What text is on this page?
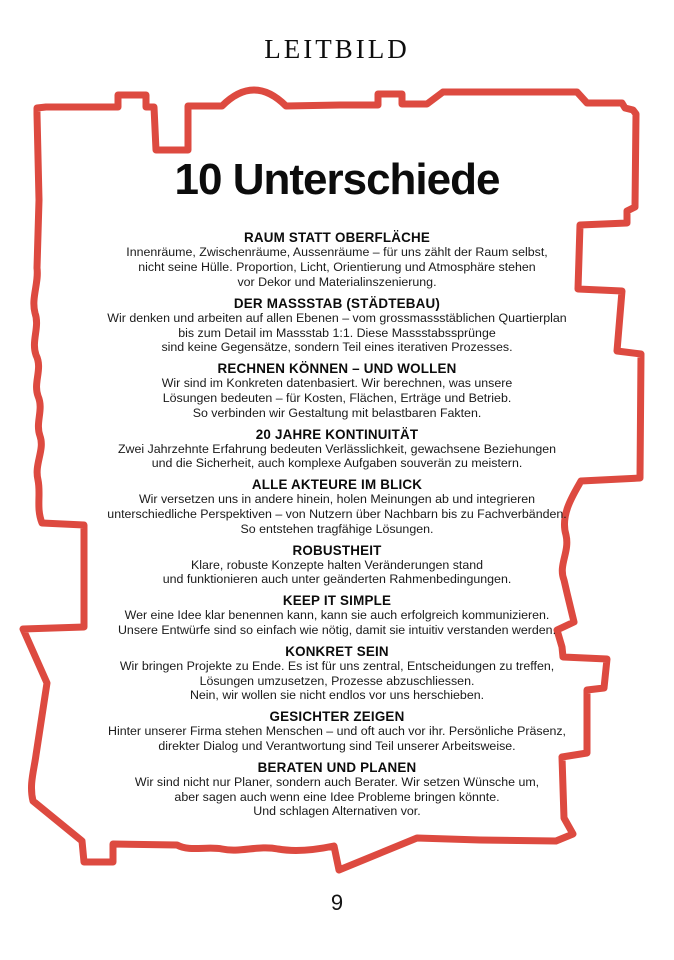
LEITBILD
10 Unterschiede
RAUM STATT OBERFLÄCHE
Innenräume, Zwischenräume, Aussenräume – für uns zählt der Raum selbst,
nicht seine Hülle. Proportion, Licht, Orientierung und Atmosphäre stehen
vor Dekor und Materialinszenierung.
DER MASSSTAB (STÄDTEBAU)
Wir denken und arbeiten auf allen Ebenen – vom grossmassstäblichen Quartierplan
bis zum Detail im Massstab 1:1. Diese Massstabssprünge
sind keine Gegensätze, sondern Teil eines iterativen Prozesses.
RECHNEN KÖNNEN – UND WOLLEN
Wir sind im Konkreten datenbasiert. Wir berechnen, was unsere
Lösungen bedeuten – für Kosten, Flächen, Erträge und Betrieb.
So verbinden wir Gestaltung mit belastbaren Fakten.
20 JAHRE KONTINUITÄT
Zwei Jahrzehnte Erfahrung bedeuten Verlässlichkeit, gewachsene Beziehungen
und die Sicherheit, auch komplexe Aufgaben souverän zu meistern.
ALLE AKTEURE IM BLICK
Wir versetzen uns in andere hinein, holen Meinungen ab und integrieren
unterschiedliche Perspektiven – von Nutzern über Nachbarn bis zu Fachverbänden.
So entstehen tragfähige Lösungen.
ROBUSTHEIT
Klare, robuste Konzepte halten Veränderungen stand
und funktionieren auch unter geänderten Rahmenbedingungen.
KEEP IT SIMPLE
Wer eine Idee klar benennen kann, kann sie auch erfolgreich kommunizieren.
Unsere Entwürfe sind so einfach wie nötig, damit sie intuitiv verstanden werden.
KONKRET SEIN
Wir bringen Projekte zu Ende. Es ist für uns zentral, Entscheidungen zu treffen,
Lösungen umzusetzen, Prozesse abzuschliessen.
Nein, wir wollen sie nicht endlos vor uns herschieben.
GESICHTER ZEIGEN
Hinter unserer Firma stehen Menschen – und oft auch vor ihr. Persönliche Präsenz,
direkter Dialog und Verantwortung sind Teil unserer Arbeitsweise.
BERATEN UND PLANEN
Wir sind nicht nur Planer, sondern auch Berater. Wir setzen Wünsche um,
aber sagen auch wenn eine Idee Probleme bringen könnte.
Und schlagen Alternativen vor.
9
